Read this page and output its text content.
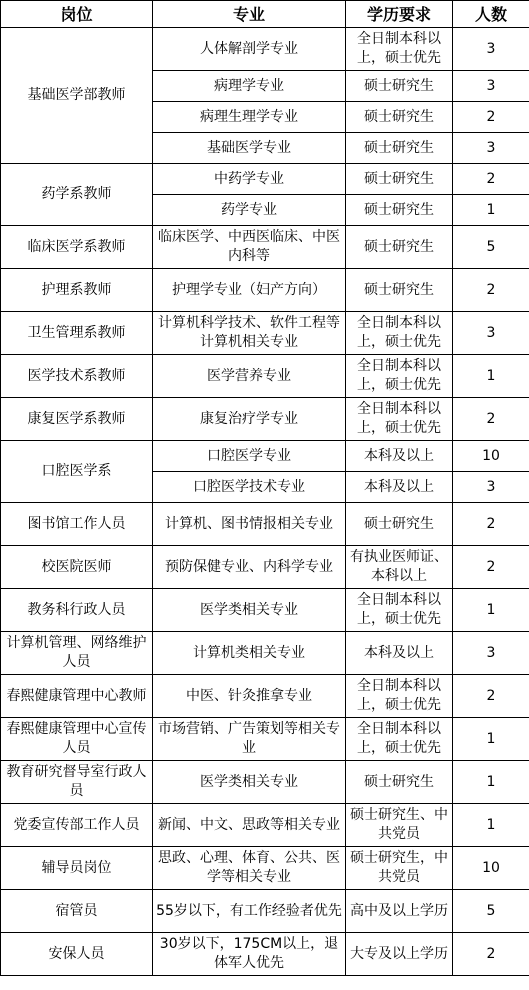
岗位	专业	学历要求	人数
基础医学部教师	人体解剖学专业	全日制本科以上，硕士优先	3
	病理学专业	硕士研究生	3
	病理生理学专业	硕士研究生	2
	基础医学专业	硕士研究生	3
药学系教师	中药学专业	硕士研究生	2
	药学专业	硕士研究生	1
临床医学系教师	临床医学、中西医临床、中医内科等	硕士研究生	5
护理系教师	护理学专业（妇产方向）	硕士研究生	2
卫生管理系教师	计算机科学技术、软件工程等计算机相关专业	全日制本科以上，硕士优先	3
医学技术系教师	医学营养专业	全日制本科以上，硕士优先	1
康复医学系教师	康复治疗学专业	全日制本科以上，硕士优先	2
口腔医学系	口腔医学专业	本科及以上	10
	口腔医学技术专业	本科及以上	3
图书馆工作人员	计算机、图书情报相关专业	硕士研究生	2
校医院医师	预防保健专业、内科学专业	有执业医师证、本科以上	2
教务科行政人员	医学类相关专业	全日制本科以上，硕士优先	1
计算机管理、网络维护人员	计算机类相关专业	本科及以上	3
春熙健康管理中心教师	中医、针灸推拿专业	全日制本科以上，硕士优先	2
春熙健康管理中心宣传人员	市场营销、广告策划等相关专业	全日制本科以上，硕士优先	1
教育研究督导室行政人员	医学类相关专业	硕士研究生	1
党委宣传部工作人员	新闻、中文、思政等相关专业	硕士研究生、中共党员	1
辅导员岗位	思政、心理、体育、公共、医学等相关专业	硕士研究生，中共党员	10
宿管员	55岁以下，有工作经验者优先	高中及以上学历	5
安保人员	30岁以下，175CM以上，退体军人优先	大专及以上学历	2
